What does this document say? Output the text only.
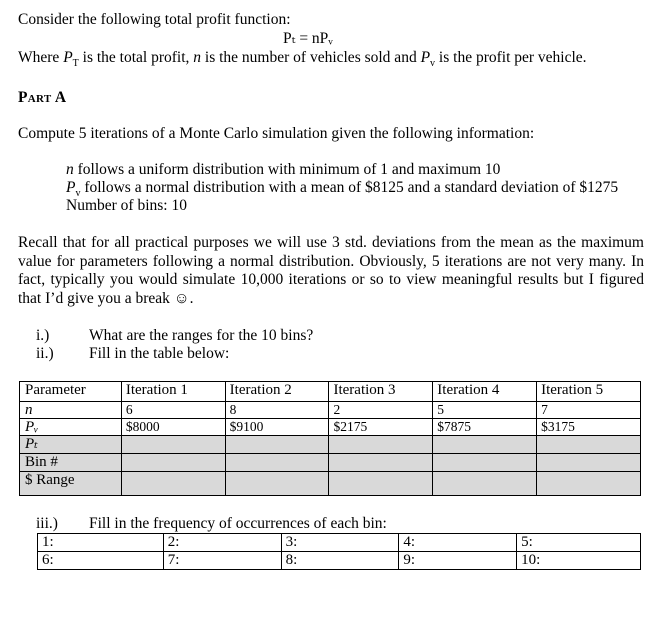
Consider the following total profit function:
Pₜ = nPᵥ
Where $P_T$ is the total profit, n is the number of vehicles sold and $P_v$ is the profit per vehicle.
Part A
Compute 5 iterations of a Monte Carlo simulation given the following information:
n follows a uniform distribution with minimum of 1 and maximum 10
$P_v$ follows a normal distribution with a mean of $8125 and a standard deviation of $1275
Number of bins: 10
Recall that for all practical purposes we will use 3 std. deviations from the mean as the maximum value for parameters following a normal distribution. Obviously, 5 iterations are not very many. In fact, typically you would simulate 10,000 iterations or so to view meaningful results but I figured that I’d give you a break ☺.
i.)	What are the ranges for the 10 bins?
ii.) Fill in the table below:
Parameter	Iteration 1	Iteration 2	Iteration 3	Iteration 4	Iteration 5
n	6	8	2	5	7
Pᵥ	$8000	$9100	$2175	$7875	$3175
Pₜ					
Bin #					
$ Range					
iii.) Fill in the frequency of occurrences of each bin:
1:	2:	3:	4:	5:
6:	7:	8:	9:	10:
